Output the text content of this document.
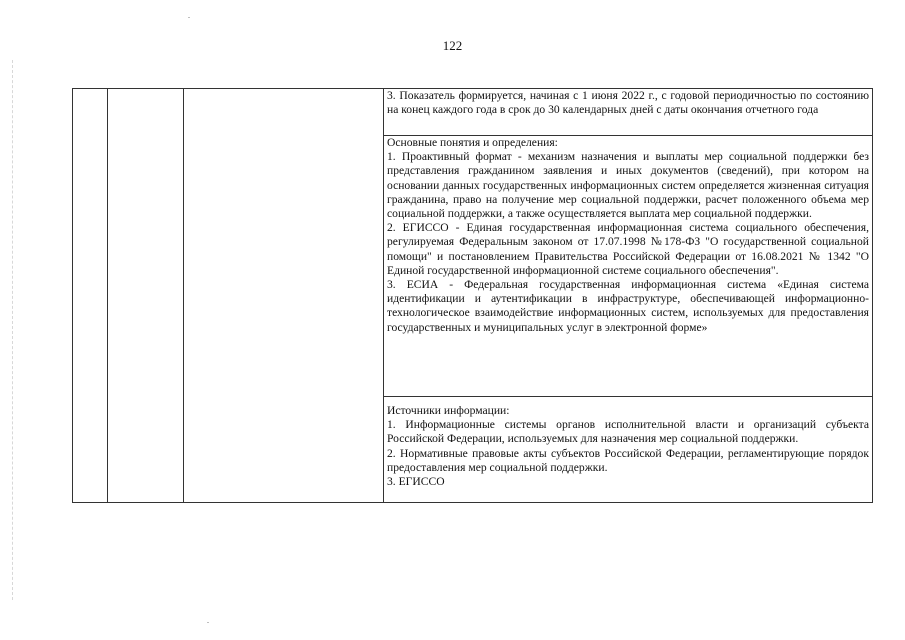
122

3. Показатель формируется, начиная с 1 июня 2022 г., с годовой периодичностью по состоянию на конец каждого года в срок до 30 календарных дней с даты окончания отчетного года

Основные понятия и определения:

1. Проактивный формат - механизм назначения и выплаты мер социальной поддержки без представления гражданином заявления и иных документов (сведений), при котором на основании данных государственных информационных систем определяется жизненная ситуация гражданина, право на получение мер социальной поддержки, расчет положенного объема мер социальной поддержки, а также осуществляется выплата мер социальной поддержки.

2. ЕГИССО - Единая государственная информационная система социального обеспечения, регулируемая Федеральным законом от 17.07.1998 №178-ФЗ "О государственной социальной помощи" и постановлением Правительства Российской Федерации от 16.08.2021 № 1342 "О Единой государственной информационной системе социального обеспечения".

3. ЕСИА - Федеральная государственная информационная система «Единая система идентификации и аутентификации в инфраструктуре, обеспечивающей информационно-технологическое взаимодействие информационных систем, используемых для предоставления государственных и муниципальных услуг в электронной форме»

Источники информации:

1. Информационные системы органов исполнительной власти и организаций субъекта Российской Федерации, используемых для назначения мер социальной поддержки.

2. Нормативные правовые акты субъектов Российской Федерации, регламентирующие порядок предоставления мер социальной поддержки.

3. ЕГИССО
